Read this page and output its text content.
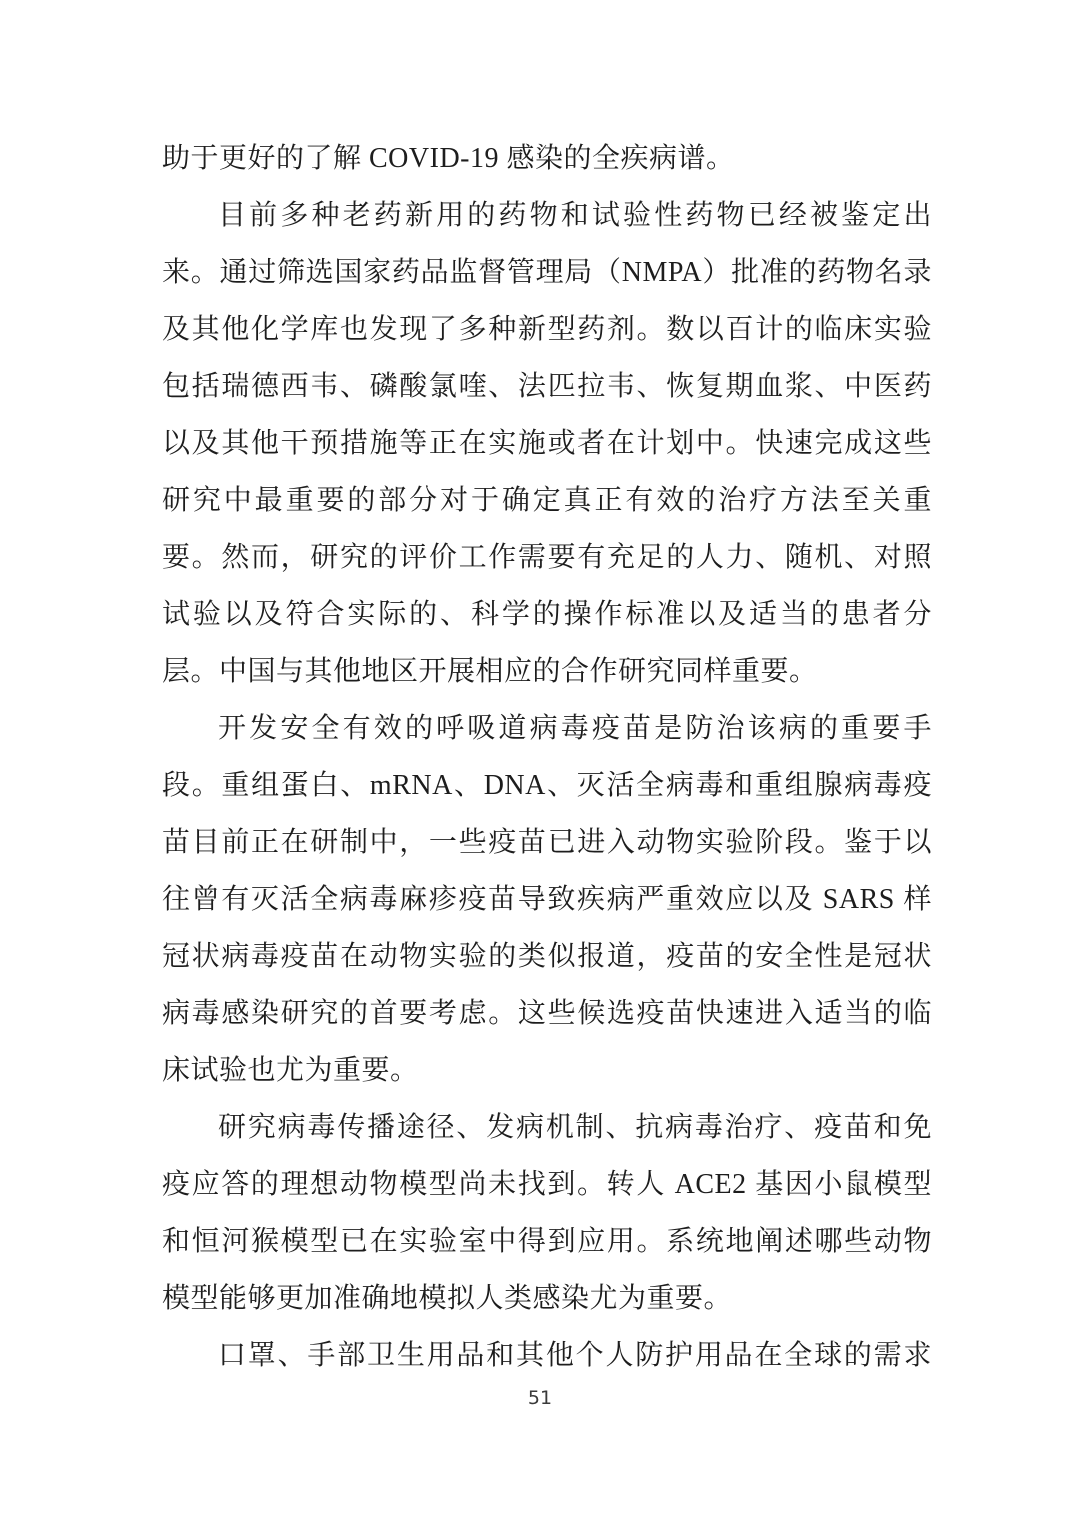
助于更好的了解 COVID-19 感染的全疾病谱。
目前多种老药新用的药物和试验性药物已经被鉴定出
来。通过筛选国家药品监督管理局（NMPA）批准的药物名录
及其他化学库也发现了多种新型药剂。数以百计的临床实验
包括瑞德西韦、磷酸氯喹、法匹拉韦、恢复期血浆、中医药
以及其他干预措施等正在实施或者在计划中。快速完成这些
研究中最重要的部分对于确定真正有效的治疗方法至关重
要。然而，研究的评价工作需要有充足的人力、随机、对照
试验以及符合实际的、科学的操作标准以及适当的患者分
层。中国与其他地区开展相应的合作研究同样重要。
开发安全有效的呼吸道病毒疫苗是防治该病的重要手
段。重组蛋白、mRNA、DNA、灭活全病毒和重组腺病毒疫
苗目前正在研制中，一些疫苗已进入动物实验阶段。鉴于以
往曾有灭活全病毒麻疹疫苗导致疾病严重效应以及 SARS 样
冠状病毒疫苗在动物实验的类似报道，疫苗的安全性是冠状
病毒感染研究的首要考虑。这些候选疫苗快速进入适当的临
床试验也尤为重要。
研究病毒传播途径、发病机制、抗病毒治疗、疫苗和免
疫应答的理想动物模型尚未找到。转人 ACE2 基因小鼠模型
和恒河猴模型已在实验室中得到应用。系统地阐述哪些动物
模型能够更加准确地模拟人类感染尤为重要。
口罩、手部卫生用品和其他个人防护用品在全球的需求
51
